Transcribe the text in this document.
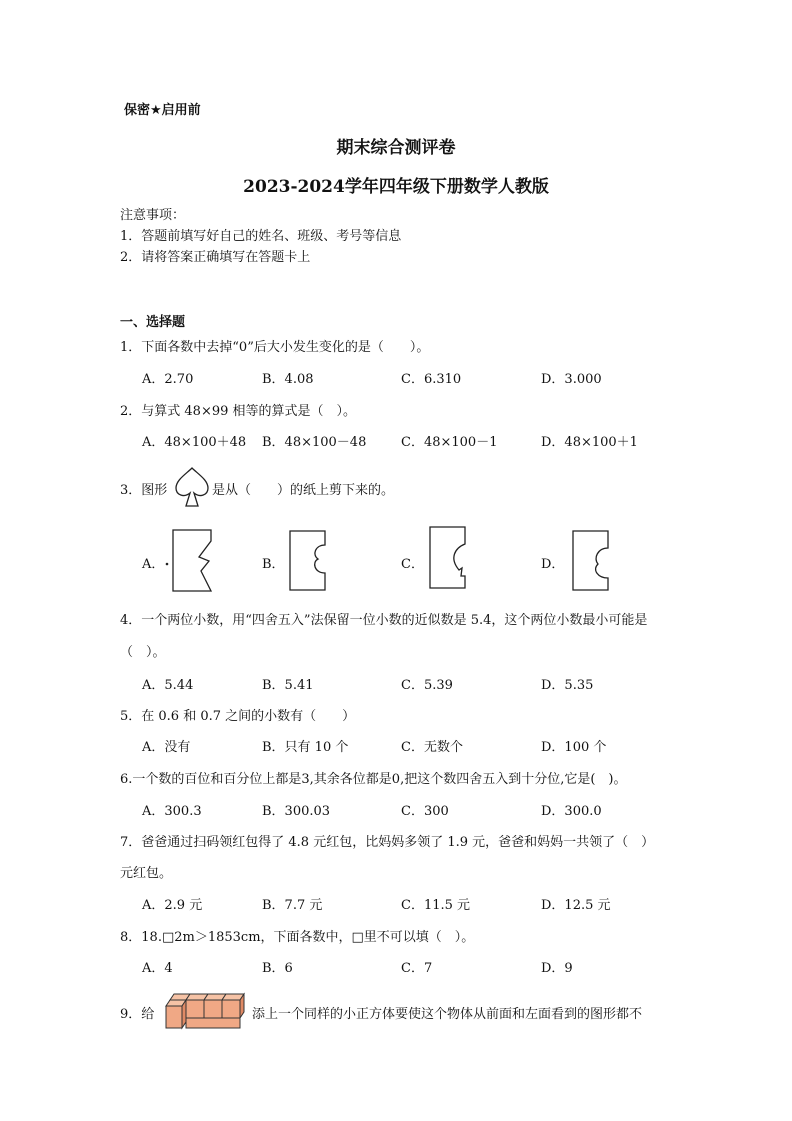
保密★启用前
期末综合测评卷
2023-2024学年四年级下册数学人教版
注意事项：
1．答题前填写好自己的姓名、班级、考号等信息
2．请将答案正确填写在答题卡上
一、选择题
1．下面各数中去掉“0”后大小发生变化的是（　　）。
A．2.70	B．4.08	C．6.310	D．3.000
2．与算式 48×99 相等的算式是（　）。
A．48×100＋48 B．48×100－48	C．48×100－1	D．48×100＋1
3．图形	是从（　　）的纸上剪下来的。
A．	B．	C．	D．
4．一个两位小数，用“四舍五入”法保留一位小数的近似数是 5.4，这个两位小数最小可能是
（　）。
A．5.44	B．5.41	C．5.39	D．5.35
5．在 0.6 和 0.7 之间的小数有（　　）
A．没有	B．只有 10 个	C．无数个	D．100 个
6.一个数的百位和百分位上都是3,其余各位都是0,把这个数四舍五入到十分位,它是(　)。
A．300.3	B．300.03	C．300	D．300.0
7．爸爸通过扫码领红包得了 4.8 元红包，比妈妈多领了 1.9 元，爸爸和妈妈一共领了（　）
元红包。
A．2.9 元	B．7.7 元	C．11.5 元	D．12.5 元
8．18.□2m＞1853cm，下面各数中，□里不可以填（　）。
A．4	B．6	C．7	D．9
9．给	添上一个同样的小正方体要使这个物体从前面和左面看到的图形都不
